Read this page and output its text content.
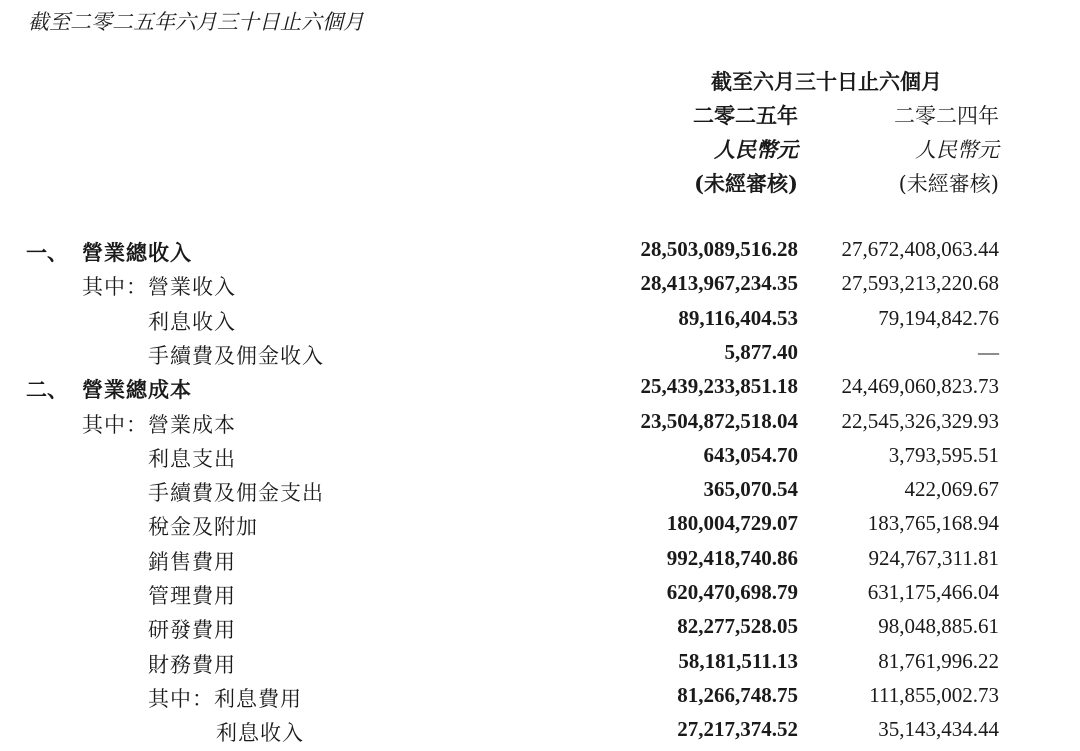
截至二零二五年六月三十日止六個月
截至六月三十日止六個月
二零二五年	二零二四年
人民幣元	人民幣元
(未經審核)	(未經審核)
一、 營業總收入	28,503,089,516.28 27,672,408,063.44
其中：營業收入	28,413,967,234.35 27,593,213,220.68
利息收入	89,116,404.53	79,194,842.76
手續費及佣金收入	5,877.40	—
二、 營業總成本	25,439,233,851.18 24,469,060,823.73
其中：營業成本	23,504,872,518.04 22,545,326,329.93
利息支出	643,054.70	3,793,595.51
手續費及佣金支出	365,070.54	422,069.67
稅金及附加	180,004,729.07	183,765,168.94
銷售費用	992,418,740.86	924,767,311.81
管理費用	620,470,698.79	631,175,466.04
研發費用	82,277,528.05	98,048,885.61
財務費用	58,181,511.13	81,761,996.22
其中：利息費用	81,266,748.75	111,855,002.73
利息收入	27,217,374.52	35,143,434.44
